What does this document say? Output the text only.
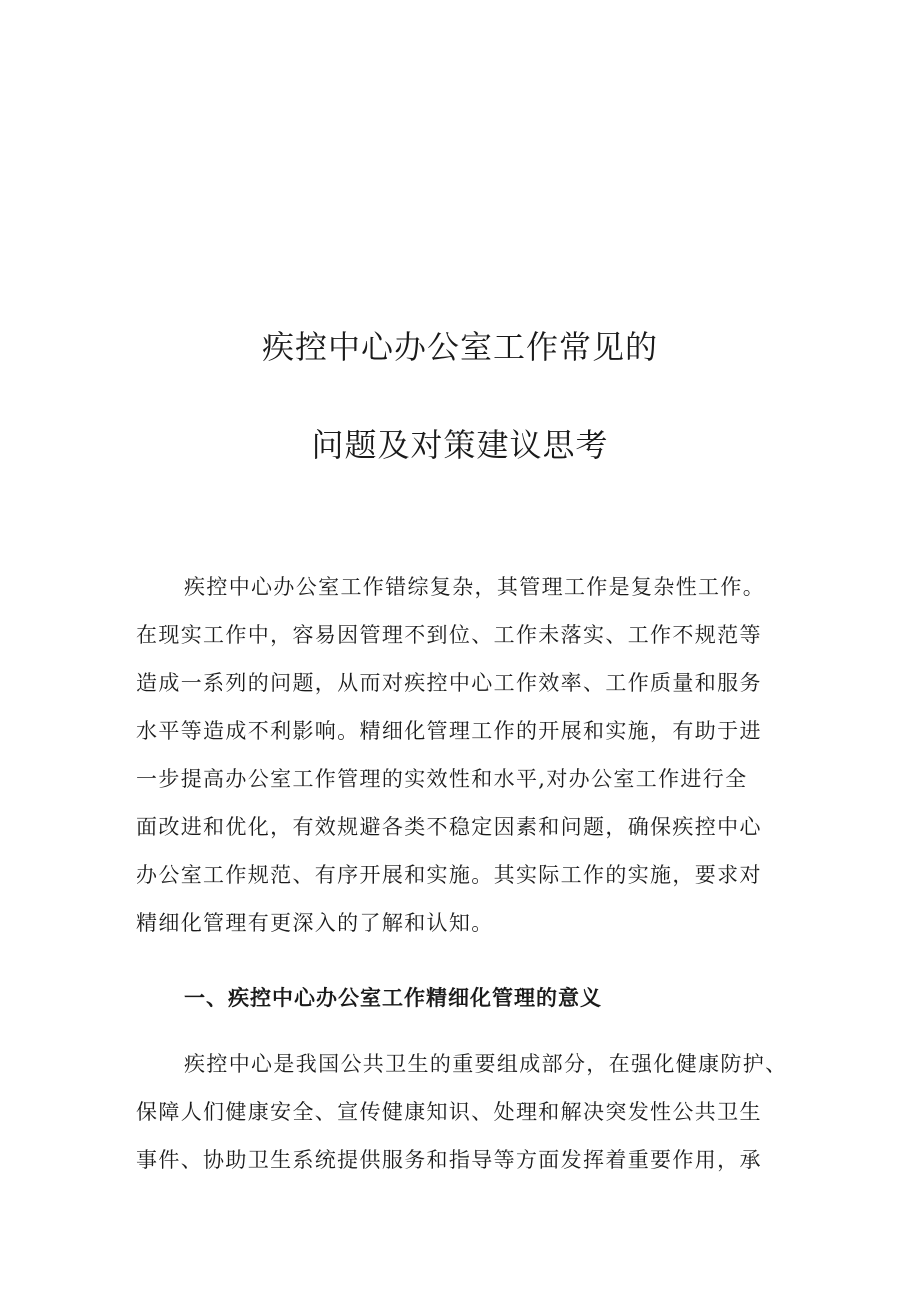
疾控中心办公室工作常见的
问题及对策建议思考
疾控中心办公室工作错综复杂，其管理工作是复杂性工作。
在现实工作中，容易因管理不到位、工作未落实、工作不规范等
造成一系列的问题，从而对疾控中心工作效率、工作质量和服务
水平等造成不利影响。精细化管理工作的开展和实施，有助于进
一步提高办公室工作管理的实效性和水平,对办公室工作进行全
面改进和优化，有效规避各类不稳定因素和问题，确保疾控中心
办公室工作规范、有序开展和实施。其实际工作的实施，要求对
精细化管理有更深入的了解和认知。
一、疾控中心办公室工作精细化管理的意义
疾控中心是我国公共卫生的重要组成部分，在强化健康防护、
保障人们健康安全、宣传健康知识、处理和解决突发性公共卫生
事件、协助卫生系统提供服务和指导等方面发挥着重要作用，承
